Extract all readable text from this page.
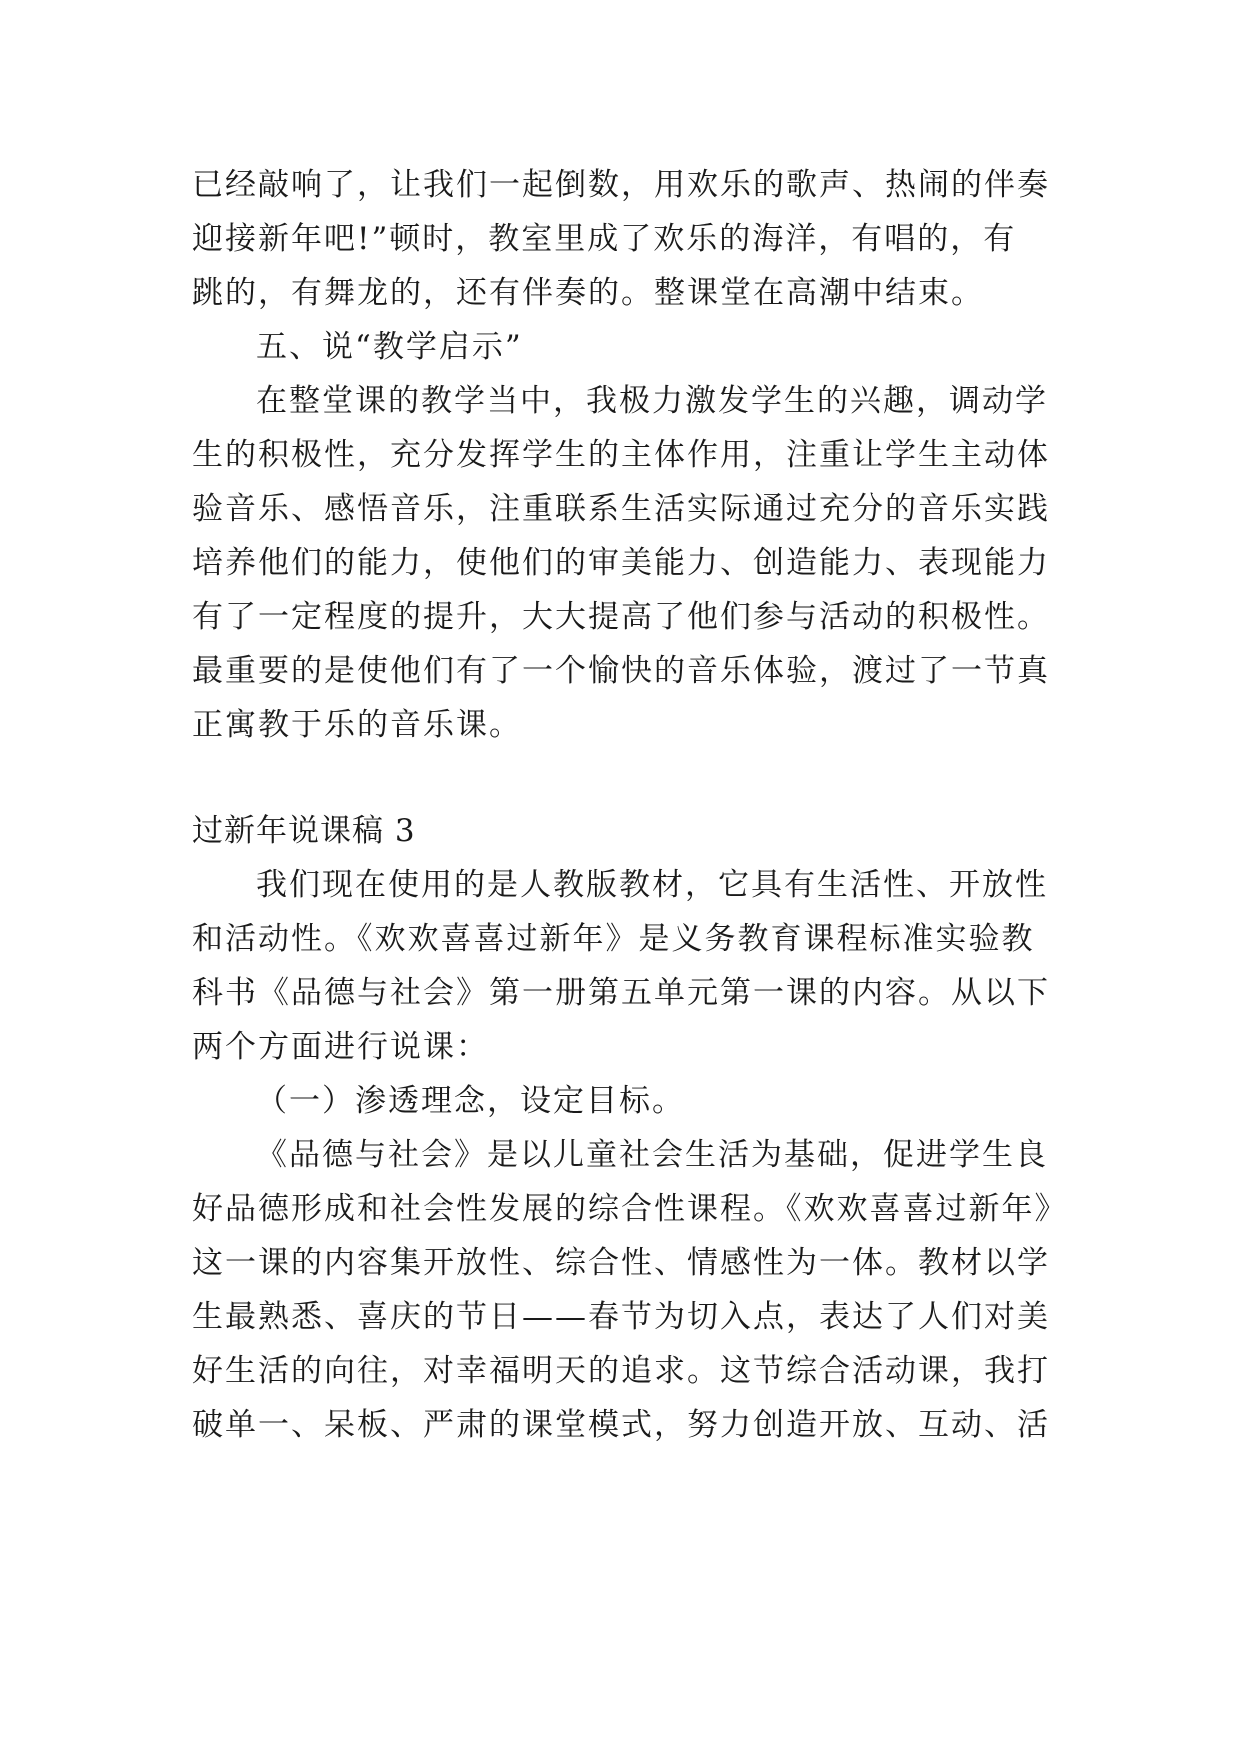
已经敲响了，让我们一起倒数，用欢乐的歌声、热闹的伴奏
迎接新年吧!”顿时，教室里成了欢乐的海洋，有唱的，有
跳的，有舞龙的，还有伴奏的。整课堂在高潮中结束。
五、说“教学启示”
在整堂课的教学当中，我极力激发学生的兴趣，调动学
生的积极性，充分发挥学生的主体作用，注重让学生主动体
验音乐、感悟音乐，注重联系生活实际通过充分的音乐实践
培养他们的能力，使他们的审美能力、创造能力、表现能力
有了一定程度的提升，大大提高了他们参与活动的积极性。
最重要的是使他们有了一个愉快的音乐体验，渡过了一节真
正寓教于乐的音乐课。
过新年说课稿 3
我们现在使用的是人教版教材，它具有生活性、开放性
和活动性。《欢欢喜喜过新年》是义务教育课程标准实验教
科书《品德与社会》第一册第五单元第一课的内容。从以下
两个方面进行说课：
（一）渗透理念，设定目标。
《品德与社会》是以儿童社会生活为基础，促进学生良
好品德形成和社会性发展的综合性课程。《欢欢喜喜过新年》
这一课的内容集开放性、综合性、情感性为一体。教材以学
生最熟悉、喜庆的节日——春节为切入点，表达了人们对美
好生活的向往，对幸福明天的追求。这节综合活动课，我打
破单一、呆板、严肃的课堂模式，努力创造开放、互动、活
